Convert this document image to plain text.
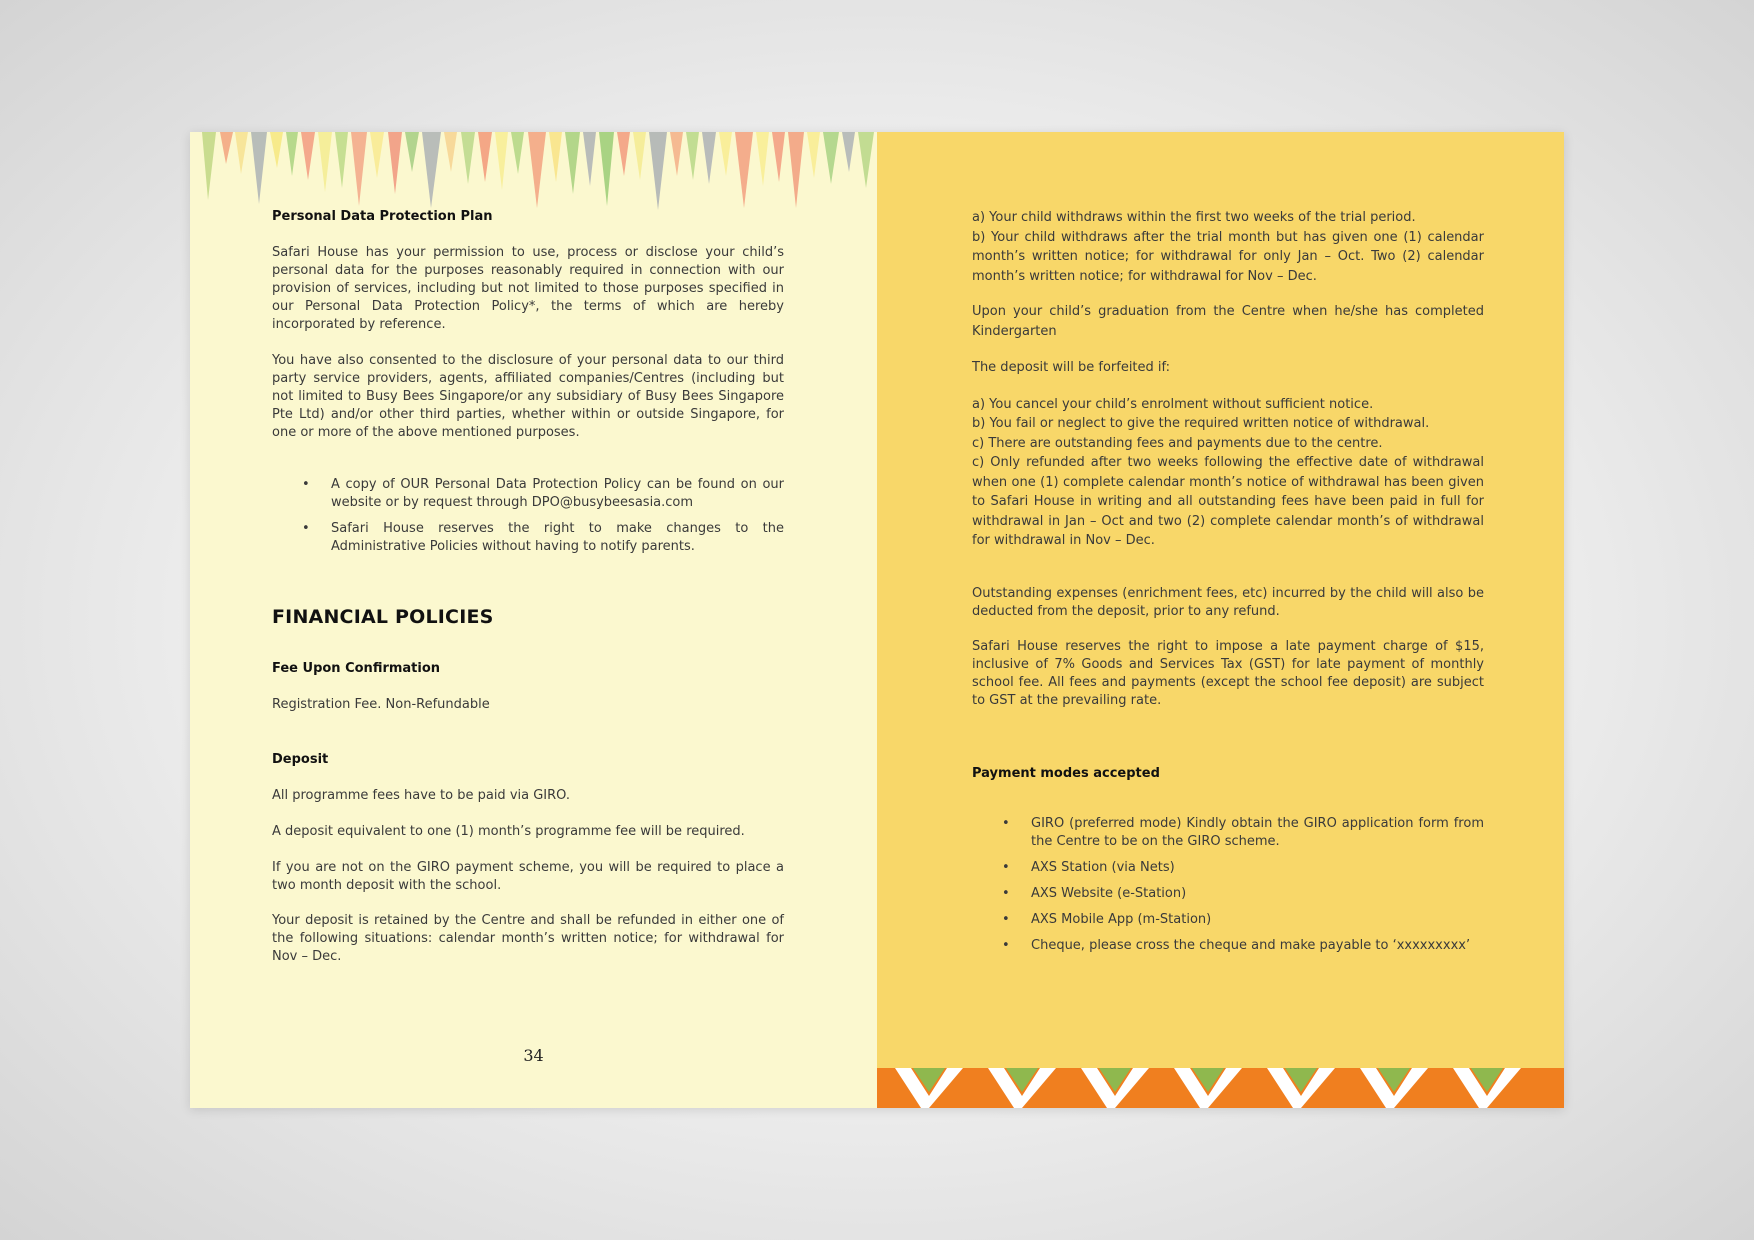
Personal Data Protection Plan

Safari House has your permission to use, process or disclose your child’s personal data for the purposes reasonably required in connection with our provision of services, including but not limited to those purposes specified in our Personal Data Protection Policy*, the terms of which are hereby incorporated by reference.

You have also consented to the disclosure of your personal data to our third party service providers, agents, affiliated companies/Centres (including but not limited to Busy Bees Singapore/or any subsidiary of Busy Bees Singapore Pte Ltd) and/or other third parties, whether within or outside Singapore, for one or more of the above mentioned purposes.

• A copy of OUR Personal Data Protection Policy can be found on our website or by request through DPO@busybeesasia.com
• Safari House reserves the right to make changes to the Administrative Policies without having to notify parents.

FINANCIAL POLICIES

Fee Upon Confirmation

Registration Fee. Non-Refundable

Deposit

All programme fees have to be paid via GIRO.

A deposit equivalent to one (1) month’s programme fee will be required.

If you are not on the GIRO payment scheme, you will be required to place a two month deposit with the school.

Your deposit is retained by the Centre and shall be refunded in either one of the following situations: calendar month’s written notice; for withdrawal for Nov – Dec.

34

a) Your child withdraws within the first two weeks of the trial period.

b) Your child withdraws after the trial month but has given one (1) calendar month’s written notice; for withdrawal for only Jan – Oct. Two (2) calendar month’s written notice; for withdrawal for Nov – Dec.

Upon your child’s graduation from the Centre when he/she has completed Kindergarten

The deposit will be forfeited if:

a) You cancel your child’s enrolment without sufficient notice.

b) You fail or neglect to give the required written notice of withdrawal.

c) There are outstanding fees and payments due to the centre.

c) Only refunded after two weeks following the effective date of withdrawal when one (1) complete calendar month’s notice of withdrawal has been given to Safari House in writing and all outstanding fees have been paid in full for withdrawal in Jan – Oct and two (2) complete calendar month’s of withdrawal for withdrawal in Nov – Dec.

Outstanding expenses (enrichment fees, etc) incurred by the child will also be deducted from the deposit, prior to any refund.

Safari House reserves the right to impose a late payment charge of $15, inclusive of 7% Goods and Services Tax (GST) for late payment of monthly school fee. All fees and payments (except the school fee deposit) are subject to GST at the prevailing rate.

Payment modes accepted

• GIRO (preferred mode) Kindly obtain the GIRO application form from the Centre to be on the GIRO scheme.
• AXS Station (via Nets)
• AXS Website (e-Station)
• AXS Mobile App (m-Station)
• Cheque, please cross the cheque and make payable to ‘xxxxxxxxx’
